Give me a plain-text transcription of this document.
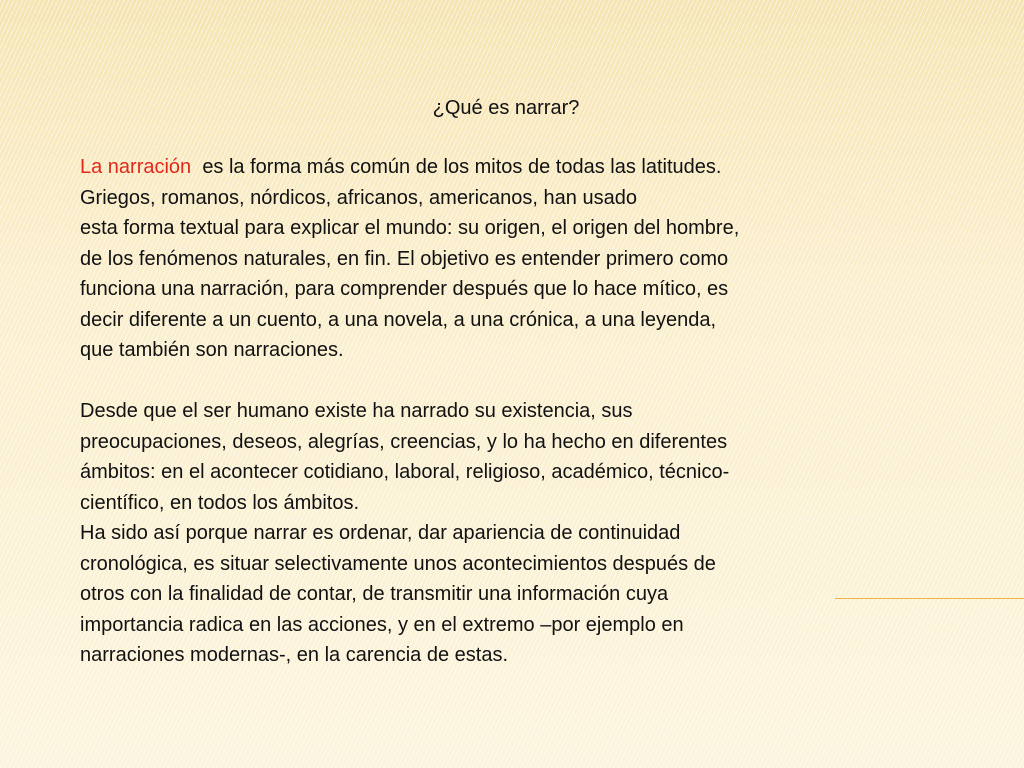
¿Qué es narrar?

La narración es la forma más común de los mitos de todas las latitudes.

Griegos, romanos, nórdicos, africanos, americanos, han usado

esta forma textual para explicar el mundo: su origen, el origen del hombre,

de los fenómenos naturales, en fin. El objetivo es entender primero como

funciona una narración, para comprender después que lo hace mítico, es

decir diferente a un cuento, a una novela, a una crónica, a una leyenda,

que también son narraciones.

Desde que el ser humano existe ha narrado su existencia, sus

preocupaciones, deseos, alegrías, creencias, y lo ha hecho en diferentes

ámbitos: en el acontecer cotidiano, laboral, religioso, académico, técnico-

científico, en todos los ámbitos.

Ha sido así porque narrar es ordenar, dar apariencia de continuidad

cronológica, es situar selectivamente unos acontecimientos después de

otros con la finalidad de contar, de transmitir una información cuya

importancia radica en las acciones, y en el extremo –por ejemplo en

narraciones modernas-, en la carencia de estas.
